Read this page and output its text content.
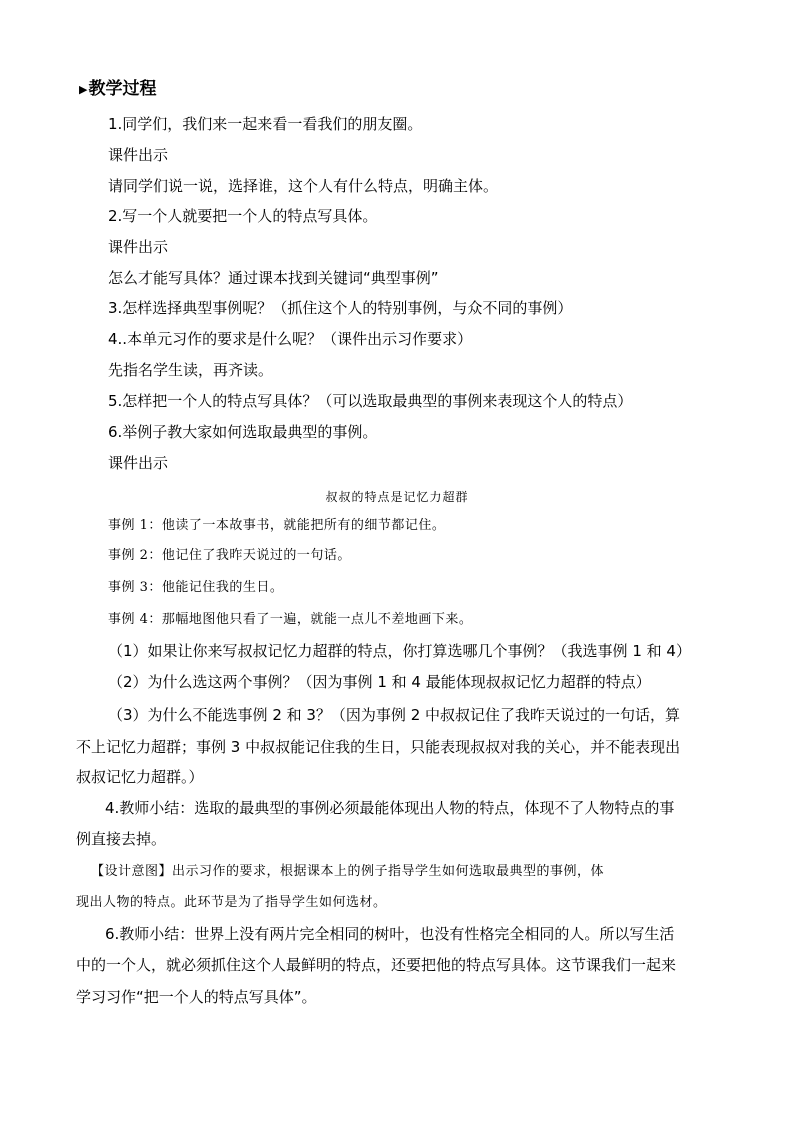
▶教学过程
1.同学们，我们来一起来看一看我们的朋友圈。
课件出示
请同学们说一说，选择谁，这个人有什么特点，明确主体。
2.写一个人就要把一个人的特点写具体。
课件出示
怎么才能写具体？通过课本找到关键词“典型事例”
3.怎样选择典型事例呢？（抓住这个人的特别事例，与众不同的事例）
4..本单元习作的要求是什么呢？（课件出示习作要求）
先指名学生读，再齐读。
5.怎样把一个人的特点写具体？（可以选取最典型的事例来表现这个人的特点）
6.举例子教大家如何选取最典型的事例。
课件出示
叔叔的特点是记忆力超群
事例 1：他读了一本故事书，就能把所有的细节都记住。
事例 2：他记住了我昨天说过的一句话。
事例 3：他能记住我的生日。
事例 4：那幅地图他只看了一遍，就能一点儿不差地画下来。
（1）如果让你来写叔叔记忆力超群的特点，你打算选哪几个事例？（我选事例 1 和 4）
（2）为什么选这两个事例？（因为事例 1 和 4 最能体现叔叔记忆力超群的特点）
（3）为什么不能选事例 2 和 3？（因为事例 2 中叔叔记住了我昨天说过的一句话，算
不上记忆力超群；事例 3 中叔叔能记住我的生日，只能表现叔叔对我的关心，并不能表现出
叔叔记忆力超群。）
4.教师小结：选取的最典型的事例必须最能体现出人物的特点，体现不了人物特点的事
例直接去掉。
【设计意图】出示习作的要求，根据课本上的例子指导学生如何选取最典型的事例，体
现出人物的特点。此环节是为了指导学生如何选材。
6.教师小结：世界上没有两片完全相同的树叶，也没有性格完全相同的人。所以写生活
中的一个人，就必须抓住这个人最鲜明的特点，还要把他的特点写具体。这节课我们一起来
学习习作“把一个人的特点写具体”。
